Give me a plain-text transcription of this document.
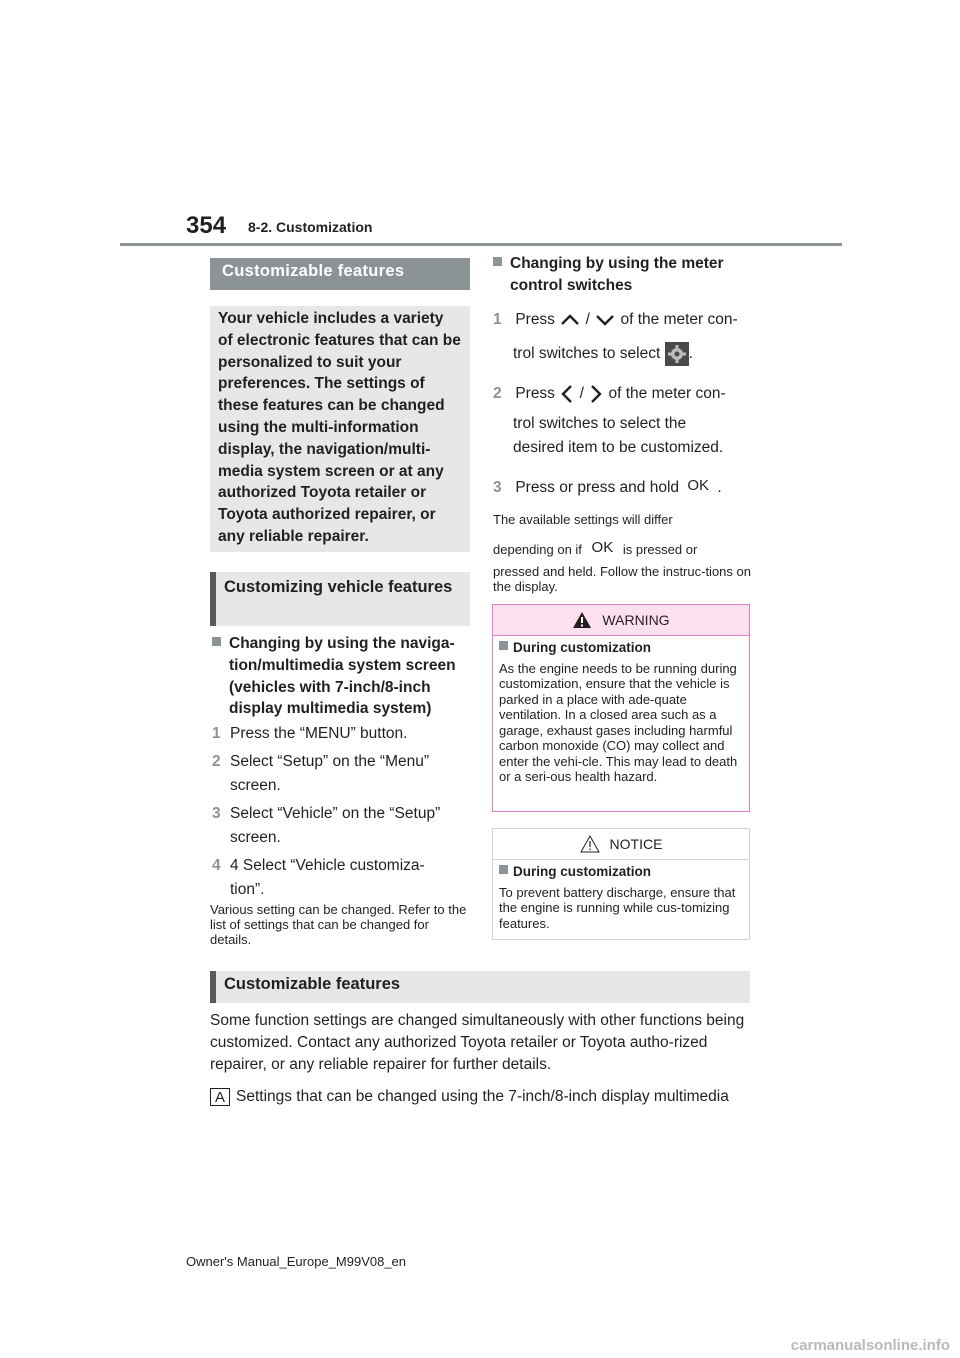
354 8-2. Customization
Customizable features

Your vehicle includes a variety of electronic features that can be personalized to suit your preferences. The settings of these features can be changed using the multi-information display, the navigation/multi-media system screen or at any authorized Toyota retailer or Toyota authorized repairer, or any reliable repairer.

Customizing vehicle features
Changing by using the naviga-
tion/multimedia system screen
(vehicles with 7-inch/8-inch
display multimedia system)
1 Press the “MENU” button.
2 Select “Setup” on the “Menu” screen.
3 Select “Vehicle” on the “Setup” screen.
4 4 Select “Vehicle customiza-tion”.
Various setting can be changed. Refer to the list of settings that can be changed for details.
Changing by using the meter
control switches
1 Press / of the meter con-
trol switches to select .
2 Press / of the meter con-
trol switches to select the
desired item to be customized.
3 Press or press and hold OK .
The available settings will differ
depending on if OK is pressed or
pressed and held. Follow the instruc-tions on the display.
WARNING
During customization
As the engine needs to be running during customization, ensure that the vehicle is parked in a place with ade-quate ventilation. In a closed area such as a garage, exhaust gases including harmful carbon monoxide (CO) may collect and enter the vehi-cle. This may lead to death or a seri-ous health hazard.
NOTICE
During customization
To prevent battery discharge, ensure that the engine is running while cus-tomizing features.
Customizable features
Some function settings are changed simultaneously with other functions being customized. Contact any authorized Toyota retailer or Toyota autho-rized repairer, or any reliable repairer for further details.
A Settings that can be changed using the 7-inch/8-inch display multimedia
Owner's Manual_Europe_M99V08_en
carmanualsonline.info
